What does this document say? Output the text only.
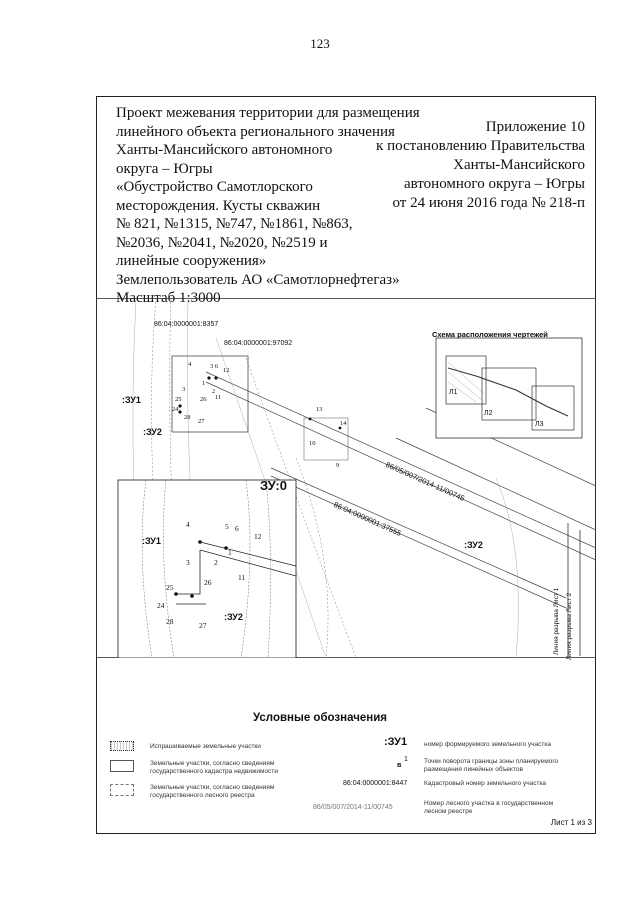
123
Проект межевания территории для размещения
линейного объекта регионального значения
Ханты-Мансийского автономного
округа – Югры
«Обустройство Самотлорского
месторождения. Кусты скважин
№ 821, №1315, №747, №1861, №863,
№2036, №2041, №2020, №2519 и
линейные сооружения»
Землепользователь АО «Самотлорнефтегаз»
Масштаб 1:3000
Приложение 10
к постановлению Правительства
Ханты-Мансийского
автономного округа – Югры
от 24 июня 2016 года № 218-п
86:04:0000001:8357
86:04:0000001:97092
:ЗУ1
:ЗУ2
Схема расположения чертежей
Л1
Л2
Л3
86/05/007/2014-11/00745
86:04:0000001:37555
:ЗУ2
ЗУ:0
:ЗУ1
:ЗУ2	Линия разрыва Лист 1 Линия разрыва Лист 2
4	3 6
12
1
2
11
3
25	26
24
28
27
13
14
10
9
4	5 6
12
1
2
3
11
25
26
24
28	27
Условные обозначения
Испрашиваемые земельные участки
Земельные участки, согласно сведениям государственного кадастра недвижимости
Земельные участки, согласно сведениям государственного лесного реестра
:ЗУ1	номер формируемого земельного участка
в
1 Точки поворота границы зоны планируемого размещения линейных объектов
86:04:0000001:8447	Кадастровый номер земельного участка
86/05/007/2014-11/00745
Номер лесного участка в государственном лесном реестре
Лист 1 из 3
